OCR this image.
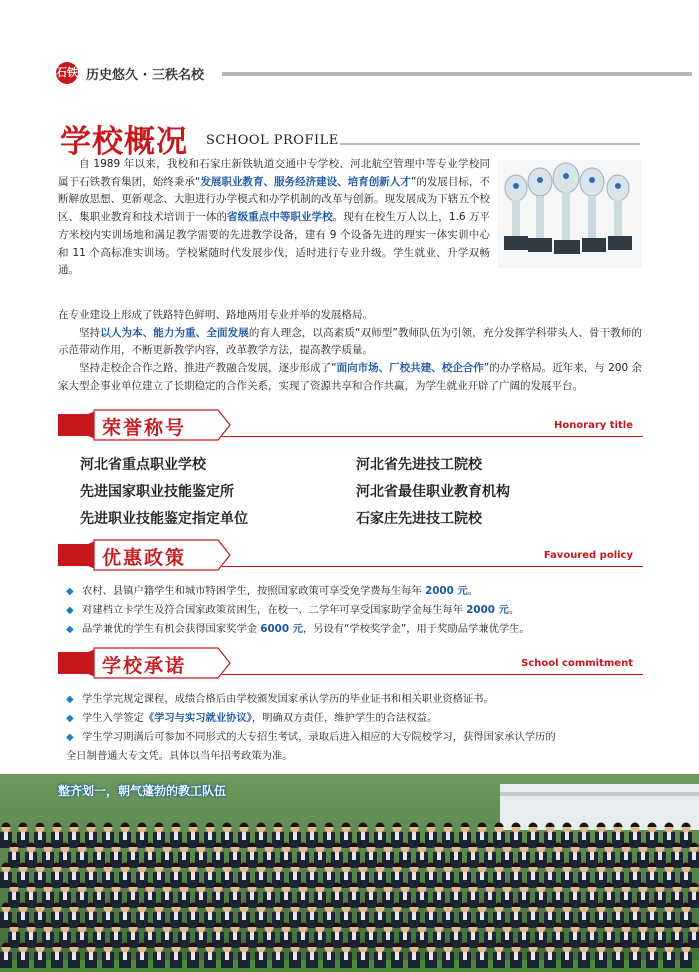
石铁 历史悠久 · 三秩名校
学校概况 SCHOOL PROFILE

自 1989 年以来，我校和石家庄新铁轨道交通中专学校、河北航空管理中等专业学校同属于石铁教育集团，始终秉承“发展职业教育、服务经济建设、培育创新人才”的发展目标，不断解放思想、更新观念、大胆进行办学模式和办学机制的改革与创新。现发展成为下辖五个校区、集职业教育和技术培训于一体的省级重点中等职业学校。现有在校生万人以上，1.6 万平方米校内实训场地和满足教学需要的先进教学设备，建有 9 个设备先进的理实一体实训中心和 11 个高标准实训场。学校紧随时代发展步伐，适时进行专业升级。学生就业、升学双畅通。

在专业建设上形成了铁路特色鲜明、路地两用专业并举的发展格局。

坚持以人为本、能力为重、全面发展的育人理念，以高素质“双师型”教师队伍为引领，充分发挥学科带头人、骨干教师的示范带动作用，不断更新教学内容，改革教学方法，提高教学质量。

坚持走校企合作之路、推进产教融合发展，逐步形成了“面向市场、厂校共建、校企合作”的办学格局。近年来，与 200 余家大型企事业单位建立了长期稳定的合作关系，实现了资源共享和合作共赢，为学生就业开辟了广阔的发展平台。

荣誉称号	Honorary title
河北省重点职业学校	河北省先进技工院校
先进国家职业技能鉴定所	河北省最佳职业教育机构
先进职业技能鉴定指定单位	石家庄先进技工院校
优惠政策	Favoured policy
◆ 农村、县镇户籍学生和城市特困学生，按照国家政策可享受免学费每生每年 2000 元。
◆ 对建档立卡学生及符合国家政策贫困生，在校一、二学年可享受国家助学金每生每年 2000 元。
◆ 品学兼优的学生有机会获得国家奖学金 6000 元，另设有“学校奖学金”，用于奖励品学兼优学生。
学校承诺	School commitment
◆ 学生学完规定课程，成绩合格后由学校颁发国家承认学历的毕业证书和相关职业资格证书。
◆ 学生入学签定《学习与实习就业协议》，明确双方责任，维护学生的合法权益。
◆ 学生学习期满后可参加不同形式的大专招生考试，录取后进入相应的大专院校学习，获得国家承认学历的
全日制普通大专文凭。具体以当年招考政策为准。
整齐划一，朝气蓬勃的教工队伍
